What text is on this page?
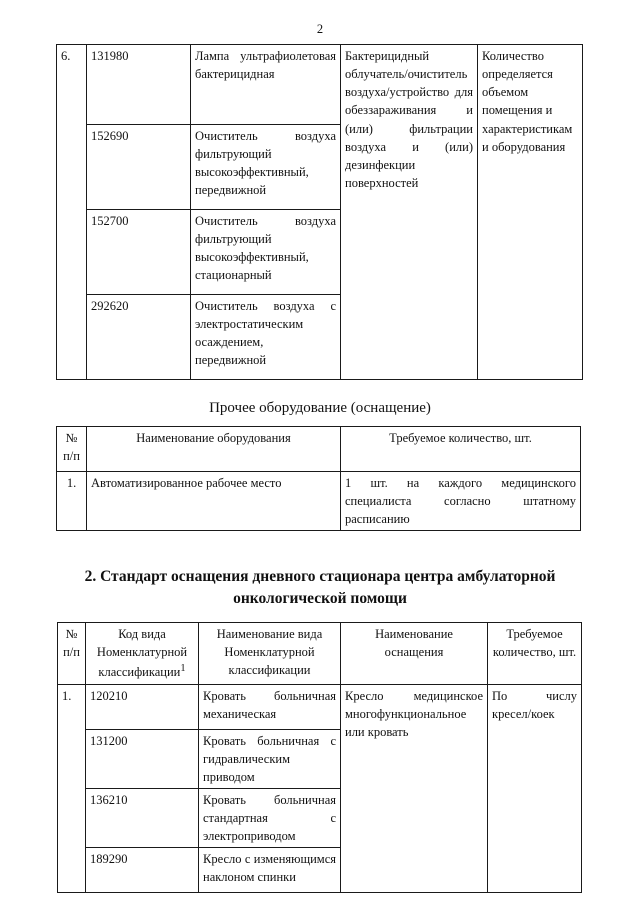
2
6.	131980	Лампа ультрафиолетовая бактерицидная	Бактерицидный облучатель/очиститель воздуха/устройство для обеззараживания и (или) фильтрации воздуха и (или) дезинфекции поверхностей	Количество определяется объемом помещения и характеристикам и оборудования
	152690	Очиститель воздуха фильтрующий высокоэффективный, передвижной		
	152700	Очиститель воздуха фильтрующий высокоэффективный, стационарный		
	292620	Очиститель воздуха с электростатическим осаждением, передвижной		
Прочее оборудование (оснащение)
№ п/п	Наименование оборудования	Требуемое количество, шт.
1.	Автоматизированное рабочее место	1 шт. на каждого медицинского специалиста согласно штатному расписанию
2. Стандарт оснащения дневного стационара центра амбулаторной онкологической помощи
№ п/п	Код вида Номенклатурной классификации$^1$	Наименование вида Номенклатурной классификации	Наименование оснащения	Требуемое количество, шт.
1.	120210	Кровать больничная механическая	Кресло медицинское многофункциональное или кровать	По числу кресел/коек
	131200	Кровать больничная с гидравлическим приводом		
	136210	Кровать больничная стандартная с электроприводом		
	189290	Кресло с изменяющимся наклоном спинки		
